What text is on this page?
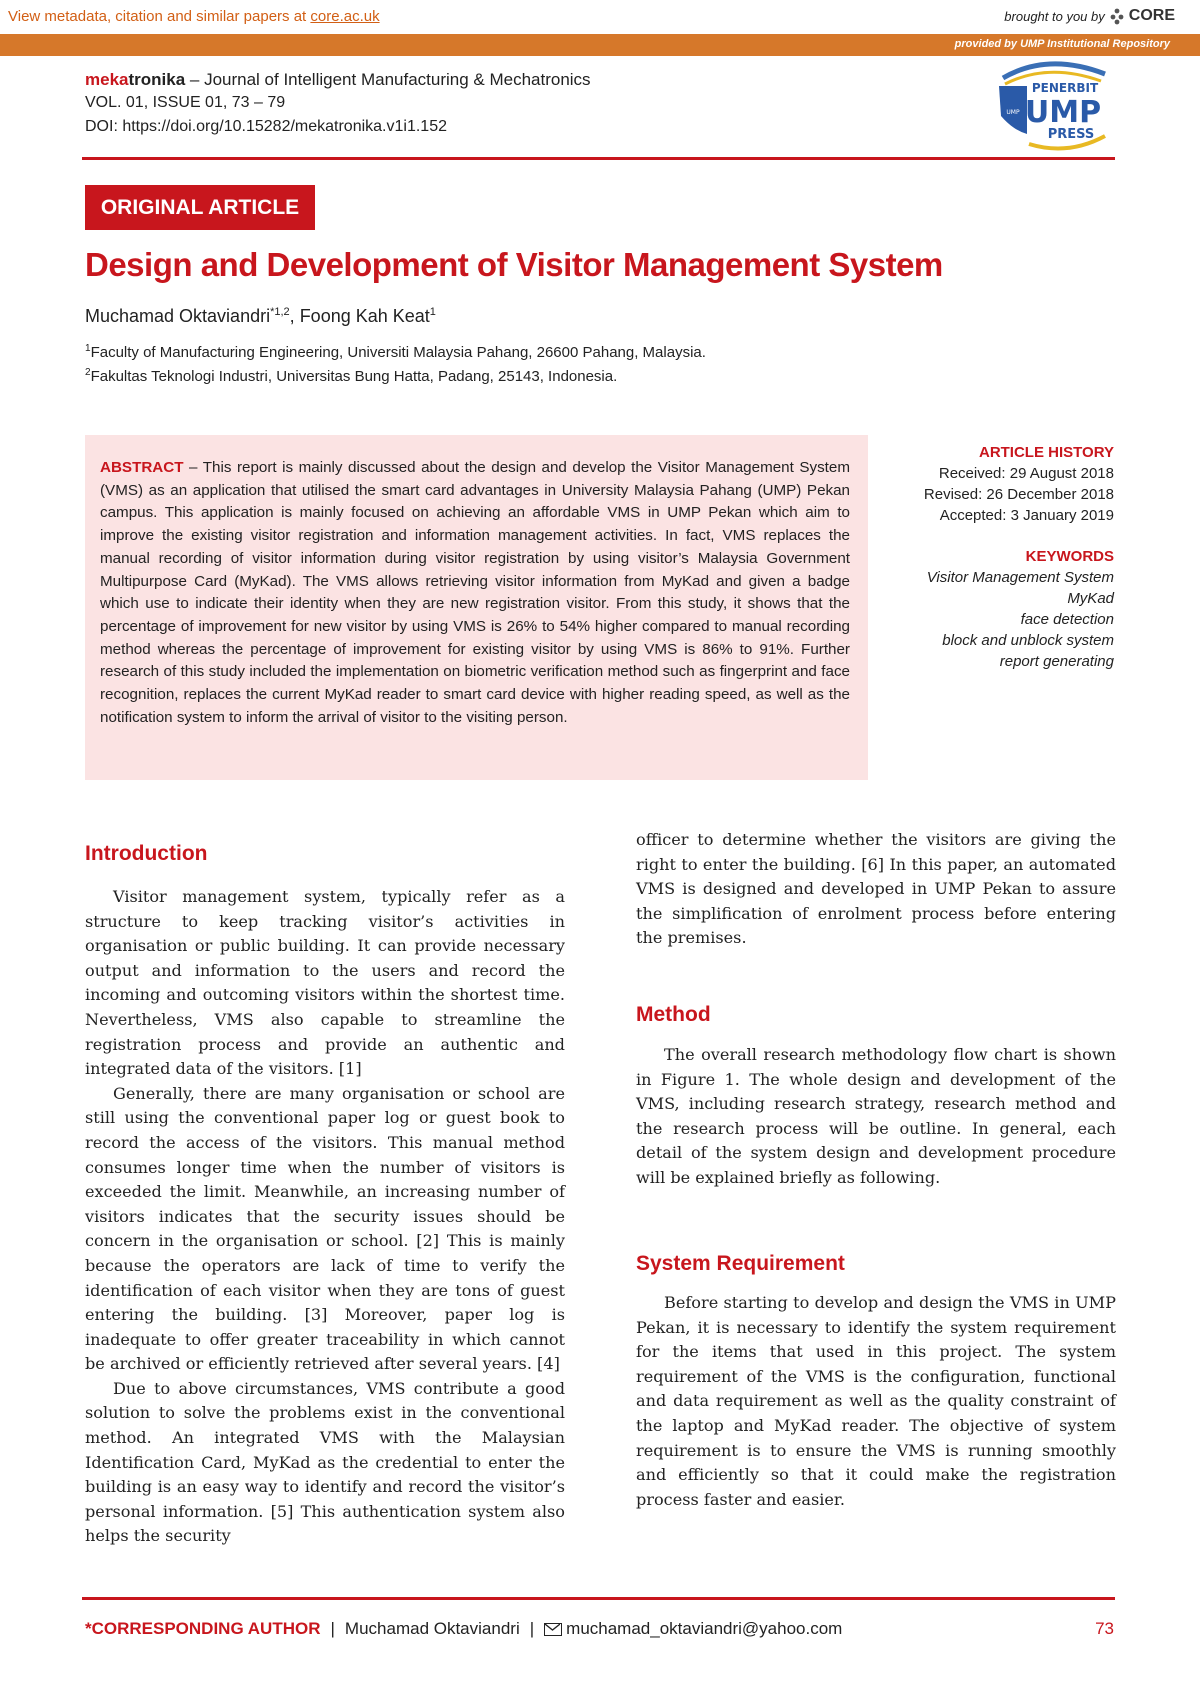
View metadata, citation and similar papers at core.ac.uk	brought to you by CORE
provided by UMP Institutional Repository
mekatronika – Journal of Intelligent Manufacturing & Mechatronics
VOL. 01, ISSUE 01, 73 – 79
DOI: https://doi.org/10.15282/mekatronika.v1i1.152
UMP
PENERBIT
UMP
PRESS
ORIGINAL ARTICLE
Design and Development of Visitor Management System
Muchamad Oktaviandri$^{*1,2}$, Foong Kah Keat$^1$
$^1$Faculty of Manufacturing Engineering, Universiti Malaysia Pahang, 26600 Pahang, Malaysia.
$^2$Fakultas Teknologi Industri, Universitas Bung Hatta, Padang, 25143, Indonesia.
ABSTRACT – This report is mainly discussed about the design and develop the Visitor Management System (VMS) as an application that utilised the smart card advantages in University Malaysia Pahang (UMP) Pekan campus. This application is mainly focused on achieving an affordable VMS in UMP Pekan which aim to improve the existing visitor registration and information management activities. In fact, VMS replaces the manual recording of visitor information during visitor registration by using visitor’s Malaysia Government Multipurpose Card (MyKad). The VMS allows retrieving visitor information from MyKad and given a badge which use to indicate their identity when they are new registration visitor. From this study, it shows that the percentage of improvement for new visitor by using VMS is 26% to 54% higher compared to manual recording method whereas the percentage of improvement for existing visitor by using VMS is 86% to 91%. Further research of this study included the implementation on biometric verification method such as fingerprint and face recognition, replaces the current MyKad reader to smart card device with higher reading speed, as well as the notification system to inform the arrival of visitor to the visiting person.
ARTICLE HISTORY
Received: 29 August 2018
Revised: 26 December 2018
Accepted: 3 January 2019
KEYWORDS
Visitor Management System
MyKad
face detection
block and unblock system
report generating
Introduction

Visitor management system, typically refer as a structure to keep tracking visitor’s activities in organisation or public building. It can provide necessary output and information to the users and record the incoming and outcoming visitors within the shortest time. Nevertheless, VMS also capable to streamline the registration process and provide an authentic and integrated data of the visitors. [1]

Generally, there are many organisation or school are still using the conventional paper log or guest book to record the access of the visitors. This manual method consumes longer time when the number of visitors is exceeded the limit. Meanwhile, an increasing number of visitors indicates that the security issues should be concern in the organisation or school. [2] This is mainly because the operators are lack of time to verify the identification of each visitor when they are tons of guest entering the building. [3] Moreover, paper log is inadequate to offer greater traceability in which cannot be archived or efficiently retrieved after several years. [4]

Due to above circumstances, VMS contribute a good solution to solve the problems exist in the conventional method. An integrated VMS with the Malaysian Identification Card, MyKad as the credential to enter the building is an easy way to identify and record the visitor’s personal information. [5] This authentication system also helps the security

officer to determine whether the visitors are giving the right to enter the building. [6] In this paper, an automated VMS is designed and developed in UMP Pekan to assure the simplification of enrolment process before entering the premises.

Method

The overall research methodology flow chart is shown in Figure 1. The whole design and development of the VMS, including research strategy, research method and the research process will be outline. In general, each detail of the system design and development procedure will be explained briefly as following.

System Requirement

Before starting to develop and design the VMS in UMP Pekan, it is necessary to identify the system requirement for the items that used in this project. The system requirement of the VMS is the configuration, functional and data requirement as well as the quality constraint of the laptop and MyKad reader. The objective of system requirement is to ensure the VMS is running smoothly and efficiently so that it could make the registration process faster and easier.

*CORRESPONDING AUTHOR | Muchamad Oktaviandri | muchamad_oktaviandri@yahoo.com	73
